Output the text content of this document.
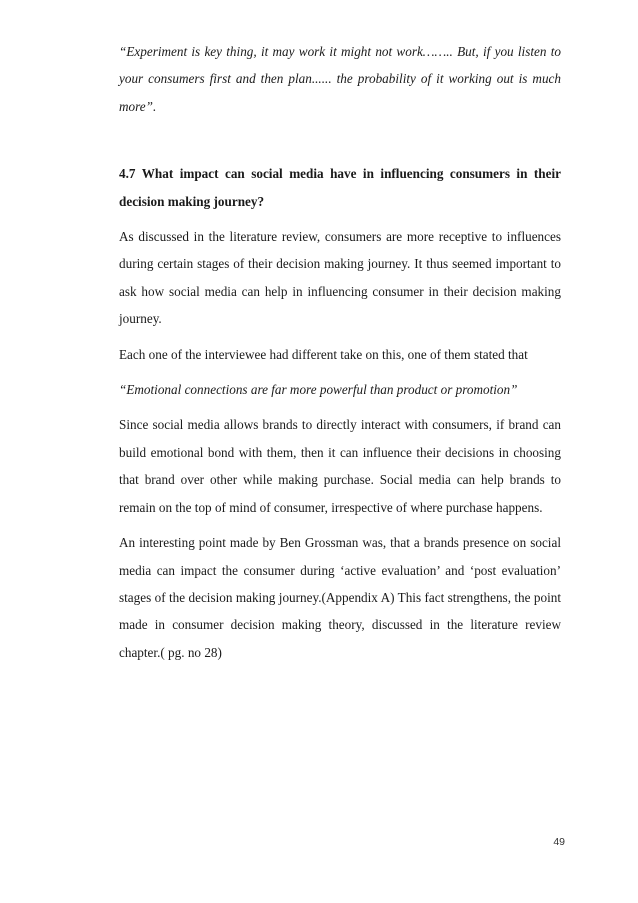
“Experiment is key thing, it may work it might not work…….. But, if you listen to your consumers first and then plan...... the probability of it working out is much more”.

4.7 What impact can social media have in influencing consumers in their decision making journey?

As discussed in the literature review, consumers are more receptive to influences during certain stages of their decision making journey. It thus seemed important to ask how social media can help in influencing consumer in their decision making journey.

Each one of the interviewee had different take on this, one of them stated that

“Emotional connections are far more powerful than product or promotion”

Since social media allows brands to directly interact with consumers, if brand can build emotional bond with them, then it can influence their decisions in choosing that brand over other while making purchase. Social media can help brands to remain on the top of mind of consumer, irrespective of where purchase happens.

An interesting point made by Ben Grossman was, that a brands presence on social media can impact the consumer during ‘active evaluation’ and ‘post evaluation’ stages of the decision making journey.(Appendix A) This fact strengthens, the point made in consumer decision making theory, discussed in the literature review chapter.( pg. no 28)

49
